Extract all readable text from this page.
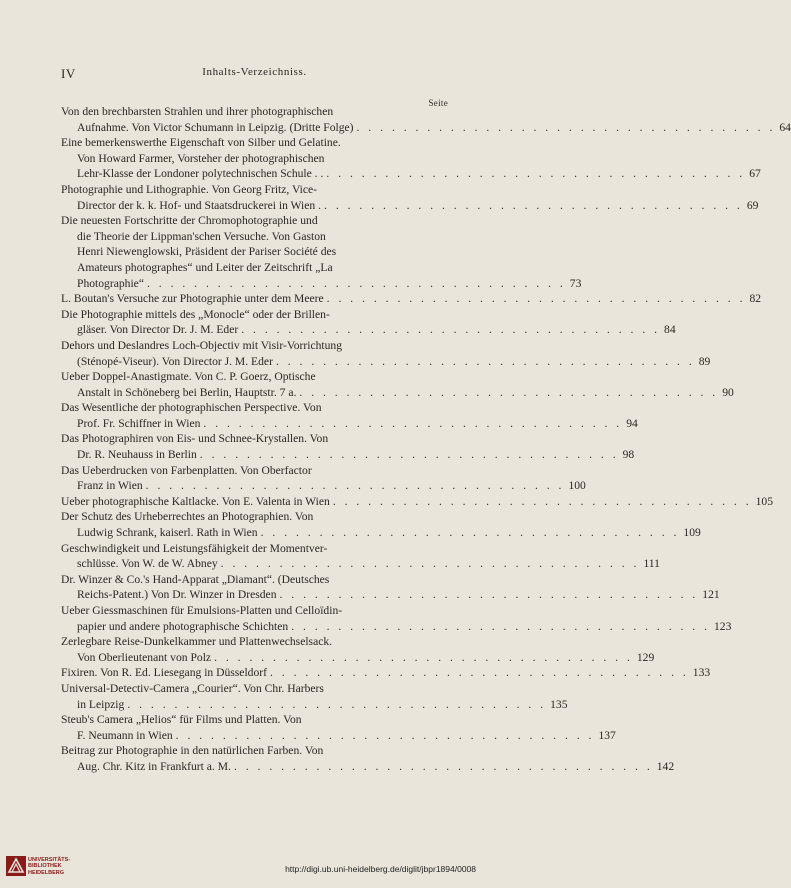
IV	Inhalts-Verzeichniss.
Seite
Von den brechbarsten Strahlen und ihrer photographischen
Aufnahme. Von Victor Schumann in Leipzig. (Dritte Folge) . . . . . . . . . . . . . . . . . . . . . . . . . . . . . . . . . . . . 64
Eine bemerkenswerthe Eigenschaft von Silber und Gelatine.
Von Howard Farmer, Vorsteher der photographischen
Lehr-Klasse der Londoner polytechnischen Schule . . . . . . . . . . . . . . . . . . . . . . . . . . . . . . . . . . . . . . 67
Photographie und Lithographie. Von Georg Fritz, Vice-
Director der k. k. Hof- und Staatsdruckerei in Wien . . . . . . . . . . . . . . . . . . . . . . . . . . . . . . . . . . . . . 69
Die neuesten Fortschritte der Chromophotographie und
die Theorie der Lippman'schen Versuche. Von Gaston
Henri Niewenglowski, Präsident der Pariser Société des
Amateurs photographes“ und Leiter der Zeitschrift „La
Photographie“ . . . . . . . . . . . . . . . . . . . . . . . . . . . . . . . . . . . . 73
L. Boutan's Versuche zur Photographie unter dem Meere . . . . . . . . . . . . . . . . . . . . . . . . . . . . . . . . . . . . 82
Die Photographie mittels des „Monocle“ oder der Brillen-
gläser. Von Director Dr. J. M. Eder . . . . . . . . . . . . . . . . . . . . . . . . . . . . . . . . . . . . 84
Dehors und Deslandres Loch-Objectiv mit Visir-Vorrichtung
(Sténopé-Viseur). Von Director J. M. Eder . . . . . . . . . . . . . . . . . . . . . . . . . . . . . . . . . . . . 89
Ueber Doppel-Anastigmate. Von C. P. Goerz, Optische
Anstalt in Schöneberg bei Berlin, Hauptstr. 7 a. . . . . . . . . . . . . . . . . . . . . . . . . . . . . . . . . . . . . 90
Das Wesentliche der photographischen Perspective. Von
Prof. Fr. Schiffner in Wien . . . . . . . . . . . . . . . . . . . . . . . . . . . . . . . . . . . . 94
Das Photographiren von Eis- und Schnee-Krystallen. Von
Dr. R. Neuhauss in Berlin . . . . . . . . . . . . . . . . . . . . . . . . . . . . . . . . . . . . 98
Das Ueberdrucken von Farbenplatten. Von Oberfactor
Franz in Wien . . . . . . . . . . . . . . . . . . . . . . . . . . . . . . . . . . . . 100
Ueber photographische Kaltlacke. Von E. Valenta in Wien . . . . . . . . . . . . . . . . . . . . . . . . . . . . . . . . . . . . 105
Der Schutz des Urheberrechtes an Photographien. Von
Ludwig Schrank, kaiserl. Rath in Wien . . . . . . . . . . . . . . . . . . . . . . . . . . . . . . . . . . . . 109
Geschwindigkeit und Leistungsfähigkeit der Momentver-
schlüsse. Von W. de W. Abney . . . . . . . . . . . . . . . . . . . . . . . . . . . . . . . . . . . . 111
Dr. Winzer & Co.'s Hand-Apparat „Diamant“. (Deutsches
Reichs-Patent.) Von Dr. Winzer in Dresden . . . . . . . . . . . . . . . . . . . . . . . . . . . . . . . . . . . . 121
Ueber Giessmaschinen für Emulsions-Platten und Celloïdin-
papier und andere photographische Schichten . . . . . . . . . . . . . . . . . . . . . . . . . . . . . . . . . . . . 123
Zerlegbare Reise-Dunkelkammer und Plattenwechselsack.
Von Oberlieutenant von Polz . . . . . . . . . . . . . . . . . . . . . . . . . . . . . . . . . . . . 129
Fixiren. Von R. Ed. Liesegang in Düsseldorf . . . . . . . . . . . . . . . . . . . . . . . . . . . . . . . . . . . . 133
Universal-Detectiv-Camera „Courier“. Von Chr. Harbers
in Leipzig . . . . . . . . . . . . . . . . . . . . . . . . . . . . . . . . . . . . 135
Steub's Camera „Helios“ für Films und Platten. Von
F. Neumann in Wien . . . . . . . . . . . . . . . . . . . . . . . . . . . . . . . . . . . . 137
Beitrag zur Photographie in den natürlichen Farben. Von
Aug. Chr. Kitz in Frankfurt a. M. . . . . . . . . . . . . . . . . . . . . . . . . . . . . . . . . . . . . 142
UNIVERSITÄTS-
BIBLIOTHEK
HEIDELBERG	http://digi.ub.uni-heidelberg.de/diglit/jbpr1894/0008
